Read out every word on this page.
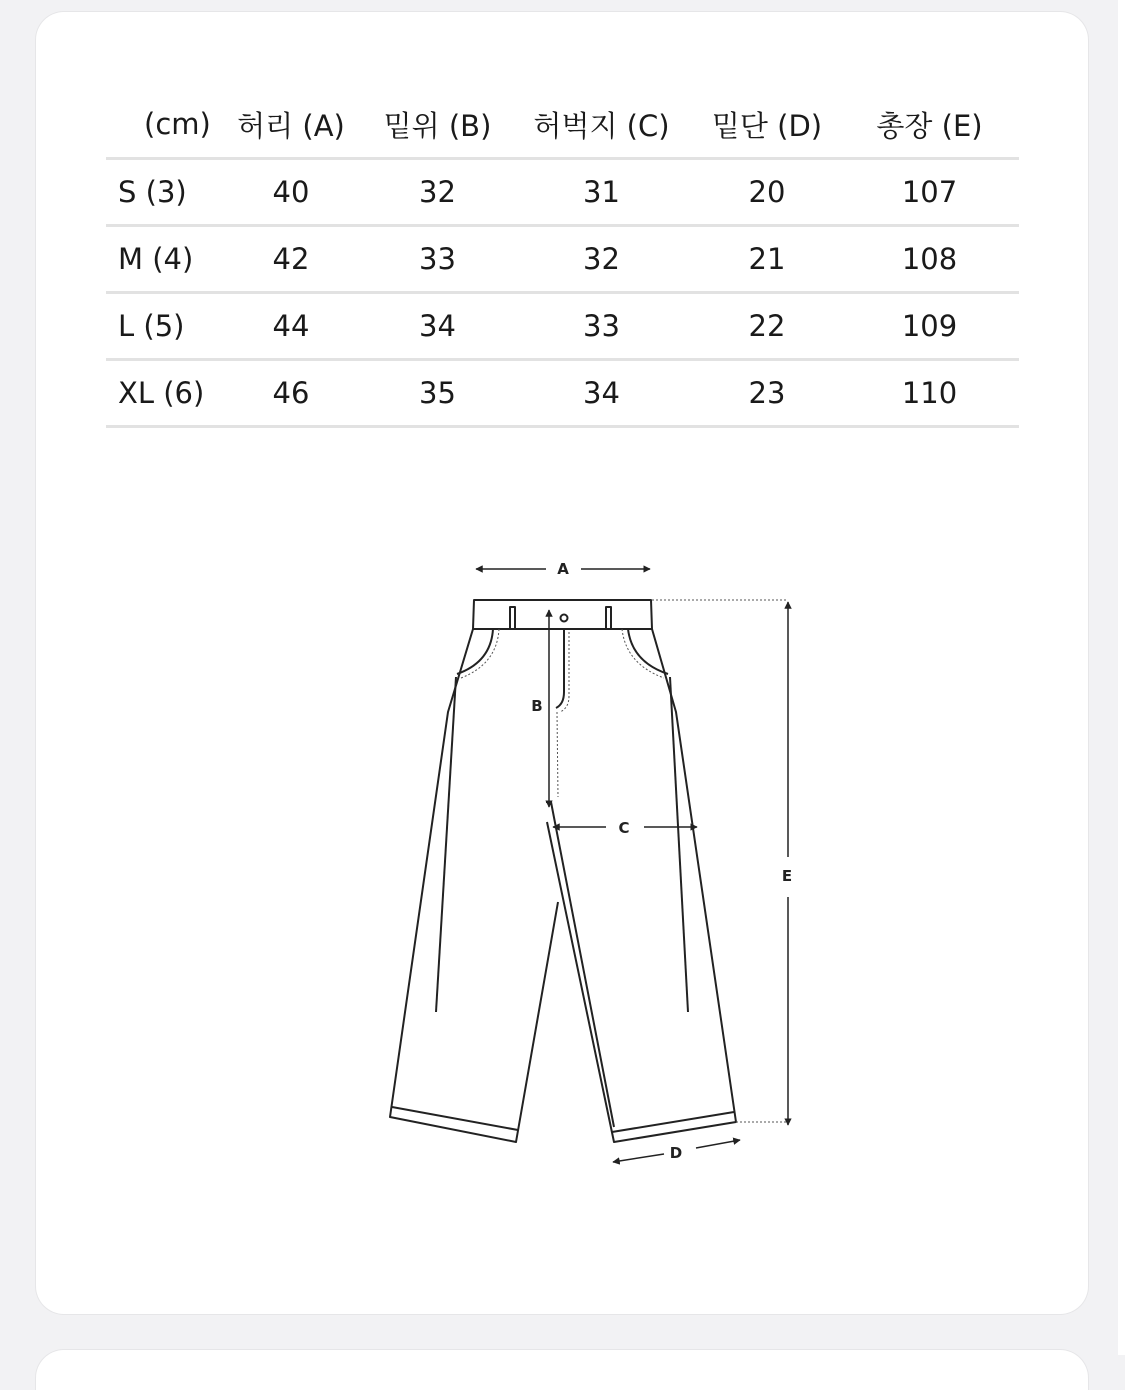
(cm)	허리 (A)	밑위 (B)	허벅지 (C)	밑단 (D)	총장 (E)
S (3)	40	32	31	20	107
M (4)	42	33	32	21	108
L (5)	44	34	33	22	109
XL (6)	46	35	34	23	110
A
B
C
D
E
